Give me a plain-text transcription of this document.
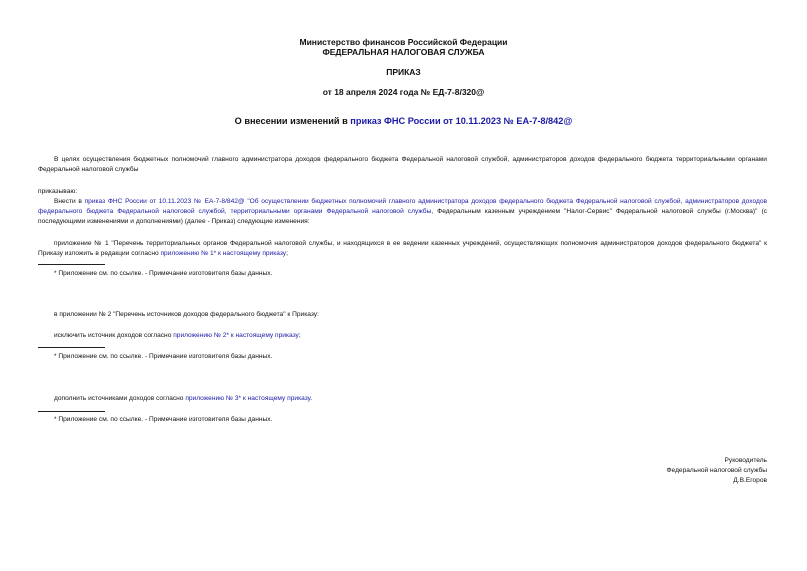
Министерство финансов Российской Федерации
ФЕДЕРАЛЬНАЯ НАЛОГОВАЯ СЛУЖБА
ПРИКАЗ
от 18 апреля 2024 года № ЕД-7-8/320@
О внесении изменений в приказ ФНС России от 10.11.2023 № ЕА-7-8/842@
В целях осуществления бюджетных полномочий главного администратора доходов федерального бюджета Федеральной налоговой службой, администраторов доходов федерального бюджета территориальными органами Федеральной налоговой службы
приказываю:
Внести в приказ ФНС России от 10.11.2023 № ЕА-7-8/842@ "Об осуществлении бюджетных полномочий главного администратора доходов федерального бюджета Федеральной налоговой службой, администраторов доходов федерального бюджета Федеральной налоговой службой, территориальными органами Федеральной налоговой службы, Федеральным казенным учреждением "Налог-Сервис" Федеральной налоговой службы (г.Москва)" (с последующими изменениями и дополнениями) (далее - Приказ) следующие изменения:
приложение № 1 "Перечень территориальных органов Федеральной налоговой службы, и находящихся в ее ведении казенных учреждений, осуществляющих полномочия администраторов доходов федерального бюджета" к Приказу изложить в редакции согласно приложению № 1* к настоящему приказу;
* Приложение см. по ссылке. - Примечание изготовителя базы данных.
в приложении № 2 "Перечень источников доходов федерального бюджета" к Приказу:
исключить источник доходов согласно приложению № 2* к настоящему приказу;
* Приложение см. по ссылке. - Примечание изготовителя базы данных.
дополнить источниками доходов согласно приложению № 3* к настоящему приказу.
* Приложение см. по ссылке. - Примечание изготовителя базы данных.
Руководитель
Федеральной налоговой службы
Д.В.Егоров
